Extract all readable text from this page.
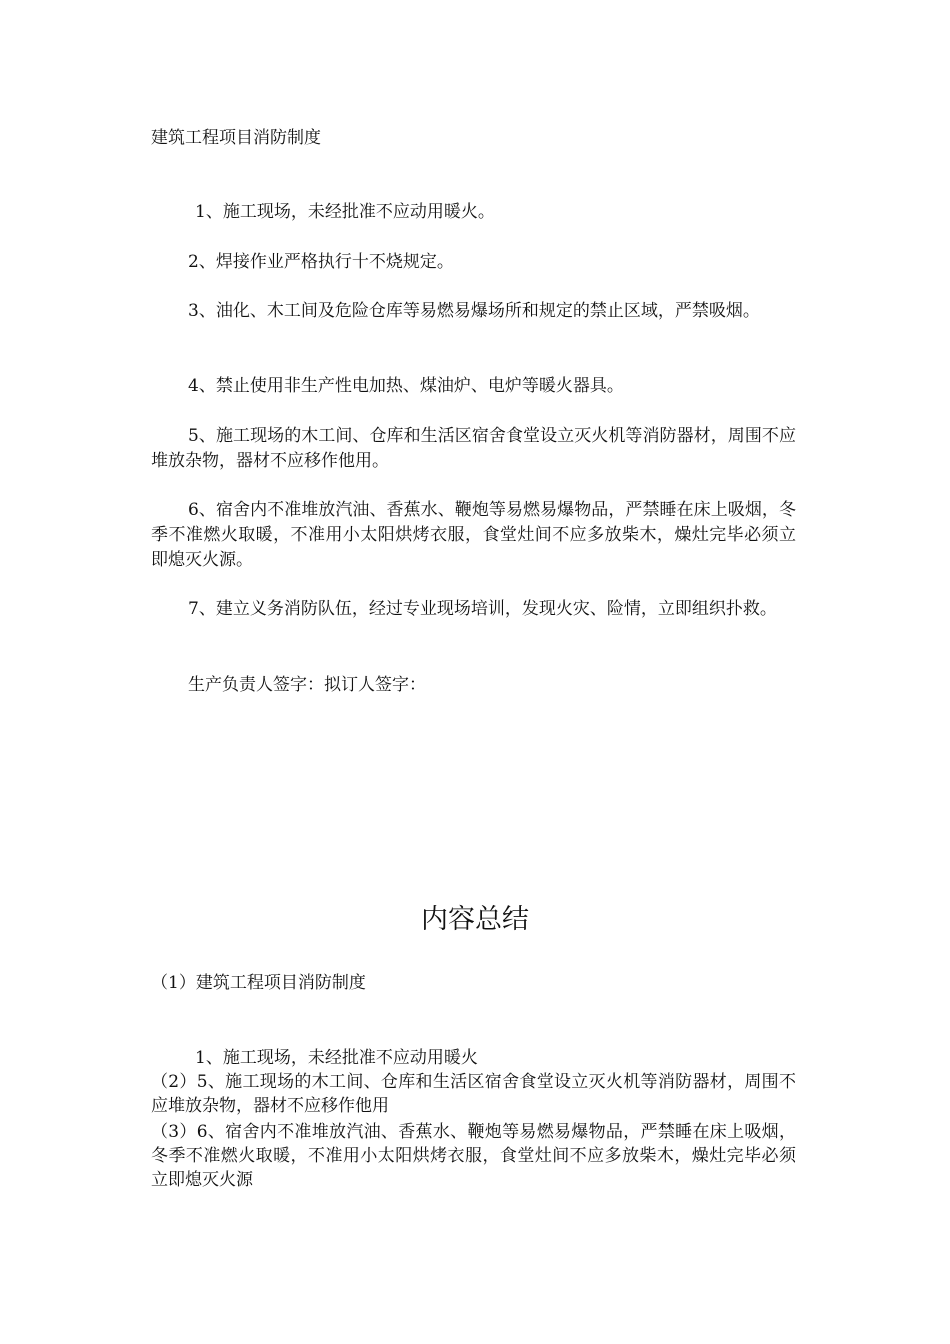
建筑工程项目消防制度
1、施工现场，未经批准不应动用暖火。
2、焊接作业严格执行十不烧规定。
3、油化、木工间及危险仓库等易燃易爆场所和规定的禁止区域，严禁吸烟。
4、禁止使用非生产性电加热、煤油炉、电炉等暖火器具。
5、施工现场的木工间、仓库和生活区宿舍食堂设立灭火机等消防器材，周围不应堆放杂物，器材不应移作他用。
6、宿舍内不准堆放汽油、香蕉水、鞭炮等易燃易爆物品，严禁睡在床上吸烟，冬季不准燃火取暖，不准用小太阳烘烤衣服，食堂灶间不应多放柴木，燥灶完毕必须立即熄灭火源。
7、建立义务消防队伍，经过专业现场培训，发现火灾、险情，立即组织扑救。
生产负责人签字：拟订人签字：
内容总结
（1）建筑工程项目消防制度
1、施工现场，未经批准不应动用暖火
（2）5、施工现场的木工间、仓库和生活区宿舍食堂设立灭火机等消防器材，周围不应堆放杂物，器材不应移作他用
（3）6、宿舍内不准堆放汽油、香蕉水、鞭炮等易燃易爆物品，严禁睡在床上吸烟，冬季不准燃火取暖，不准用小太阳烘烤衣服，食堂灶间不应多放柴木，燥灶完毕必须立即熄灭火源
